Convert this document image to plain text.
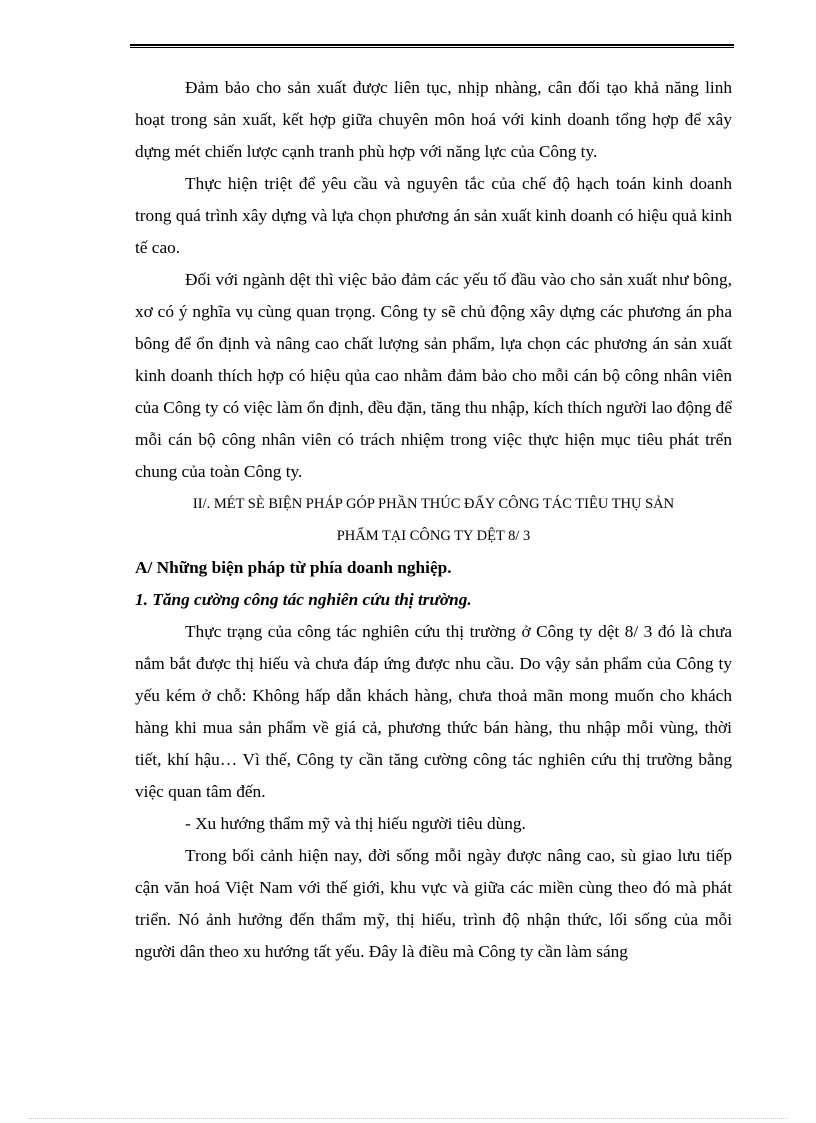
Đảm bảo cho sản xuất được liên tục, nhịp nhàng, cân đối tạo khả năng linh hoạt trong sản xuất, kết hợp giữa chuyên môn hoá với kinh doanh tổng hợp để xây dựng mét chiến lược cạnh tranh phù hợp với năng lực của Công ty.

Thực hiện triệt để yêu cầu và nguyên tắc của chế độ hạch toán kinh doanh trong quá trình xây dựng và lựa chọn phương án sản xuất kinh doanh có hiệu quả kinh tế cao.

Đối với ngành dệt thì việc bảo đảm các yếu tố đầu vào cho sản xuất như bông, xơ có ý nghĩa vụ cùng quan trọng. Công ty sẽ chủ động xây dựng các phương án pha bông để ổn định và nâng cao chất lượng sản phẩm, lựa chọn các phương án sản xuất kinh doanh thích hợp có hiệu qủa cao nhằm đảm bảo cho mỗi cán bộ công nhân viên của Công ty có việc làm ổn định, đều đặn, tăng thu nhập, kích thích người lao động để mỗi cán bộ công nhân viên có trách nhiệm trong việc thực hiện mục tiêu phát trển chung của toàn Công ty.

II/. MÉT SÈ BIỆN PHÁP GÓP PHẦN THÚC ĐẨY CÔNG TÁC TIÊU THỤ SẢN
PHẨM TẠI CÔNG TY DỆT 8/ 3
A/ Những biện pháp từ phía doanh nghiệp.
1. Tăng cường công tác nghiên cứu thị trường.

Thực trạng của công tác nghiên cứu thị trường ở Công ty dệt 8/ 3 đó là chưa nắm bắt được thị hiếu và chưa đáp ứng được nhu cầu. Do vậy sản phẩm của Công ty yếu kém ở chỗ: Không hấp dẫn khách hàng, chưa thoả mãn mong muốn cho khách hàng khi mua sản phẩm về giá cả, phương thức bán hàng, thu nhập mỗi vùng, thời tiết, khí hậu… Vì thế, Công ty cần tăng cường công tác nghiên cứu thị trường bằng việc quan tâm đến.

- Xu hướng thẩm mỹ và thị hiếu người tiêu dùng.

Trong bối cảnh hiện nay, đời sống mỗi ngày được nâng cao, sù giao lưu tiếp cận văn hoá Việt Nam với thế giới, khu vực và giữa các miền cùng theo đó mà phát triển. Nó ảnh hưởng đến thẩm mỹ, thị hiếu, trình độ nhận thức, lối sống của mỗi người dân theo xu hướng tất yếu. Đây là điều mà Công ty cần làm sáng
